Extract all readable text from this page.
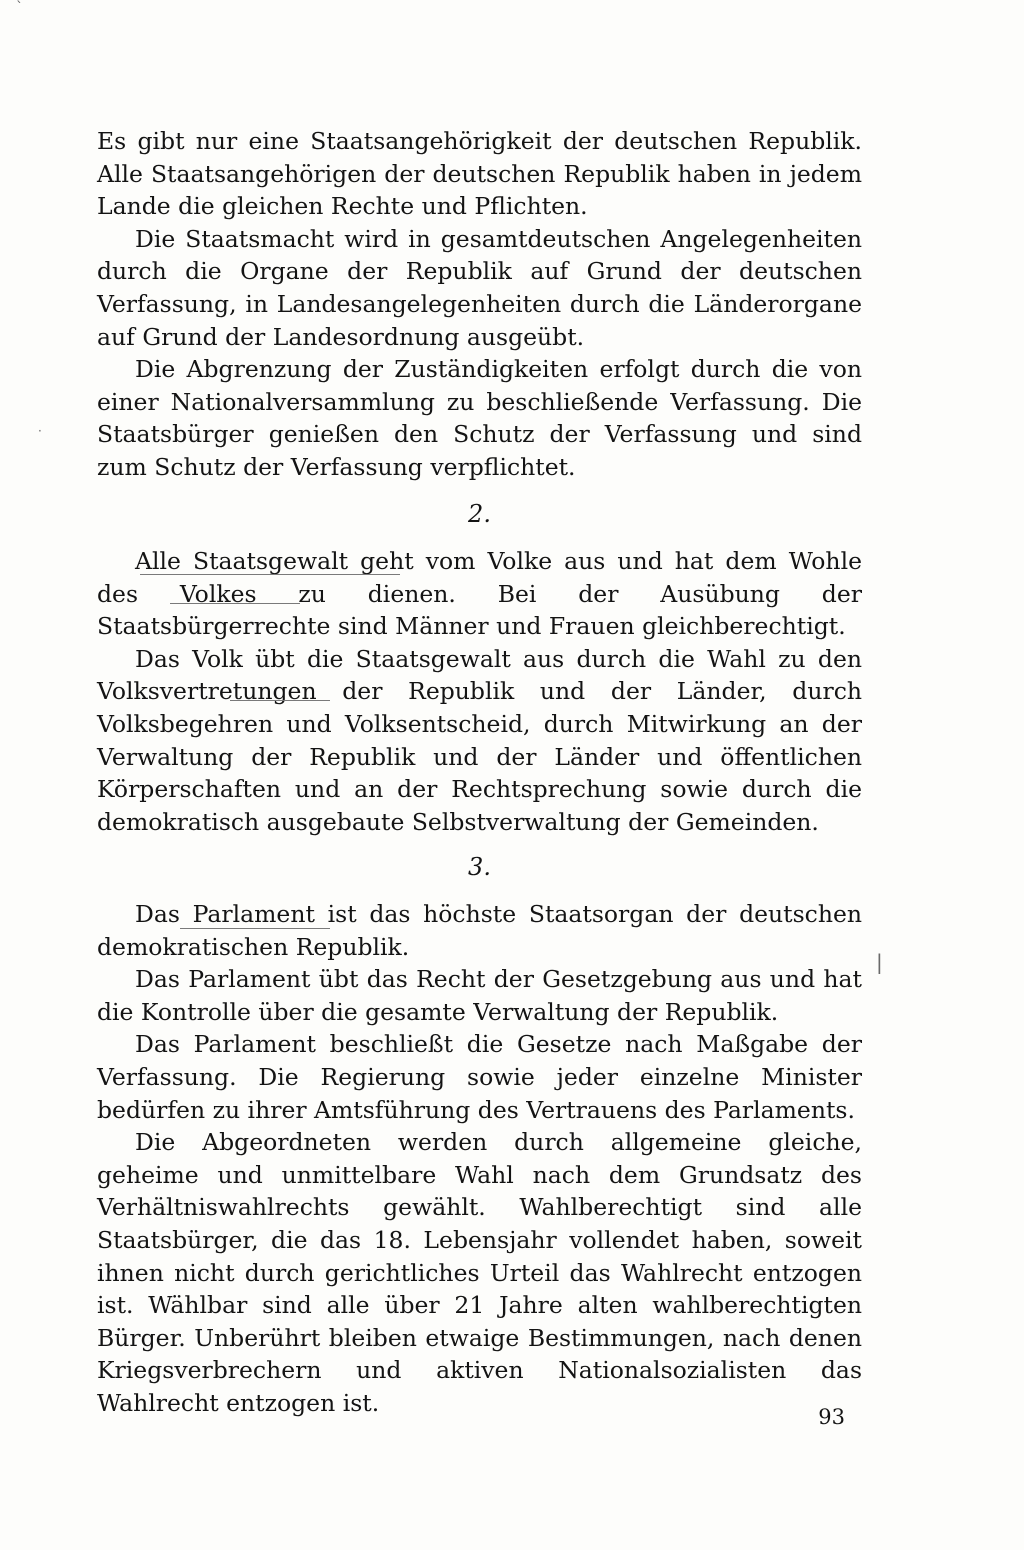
`
·
|

Es gibt nur eine Staatsangehörigkeit der deutschen Republik. Alle Staatsangehörigen der deutschen Republik haben in jedem Lande die gleichen Rechte und Pflichten.

Die Staatsmacht wird in gesamtdeutschen Angelegenheiten durch die Organe der Republik auf Grund der deutschen Verfassung, in Landesangelegenheiten durch die Länderorgane auf Grund der Landesordnung ausgeübt.

Die Abgrenzung der Zuständigkeiten erfolgt durch die von einer Nationalversammlung zu beschließende Verfassung. Die Staatsbürger genießen den Schutz der Verfassung und sind zum Schutz der Verfassung verpflichtet.

2.

Alle Staatsgewalt geht vom Volke aus und hat dem Wohle des Volkes zu dienen. Bei der Ausübung der Staatsbürgerrechte sind Männer und Frauen gleichberechtigt.

Das Volk übt die Staatsgewalt aus durch die Wahl zu den Volksvertretungen der Republik und der Länder, durch Volksbegehren und Volksentscheid, durch Mitwirkung an der Verwaltung der Republik und der Länder und öffentlichen Körperschaften und an der Rechtsprechung sowie durch die demokratisch ausgebaute Selbstverwaltung der Gemeinden.

3.

Das Parlament ist das höchste Staatsorgan der deutschen demokratischen Republik.

Das Parlament übt das Recht der Gesetzgebung aus und hat die Kontrolle über die gesamte Verwaltung der Republik.

Das Parlament beschließt die Gesetze nach Maßgabe der Verfassung. Die Regierung sowie jeder einzelne Minister bedürfen zu ihrer Amtsführung des Vertrauens des Parlaments.

Die Abgeordneten werden durch allgemeine gleiche, geheime und unmittelbare Wahl nach dem Grundsatz des Verhältniswahlrechts gewählt. Wahlberechtigt sind alle Staatsbürger, die das 18. Lebensjahr vollendet haben, soweit ihnen nicht durch gerichtliches Urteil das Wahlrecht entzogen ist. Wählbar sind alle über 21 Jahre alten wahlberechtigten Bürger. Unberührt bleiben etwaige Bestimmungen, nach denen Kriegsverbrechern und aktiven Nationalsozialisten das Wahlrecht entzogen ist.

93
